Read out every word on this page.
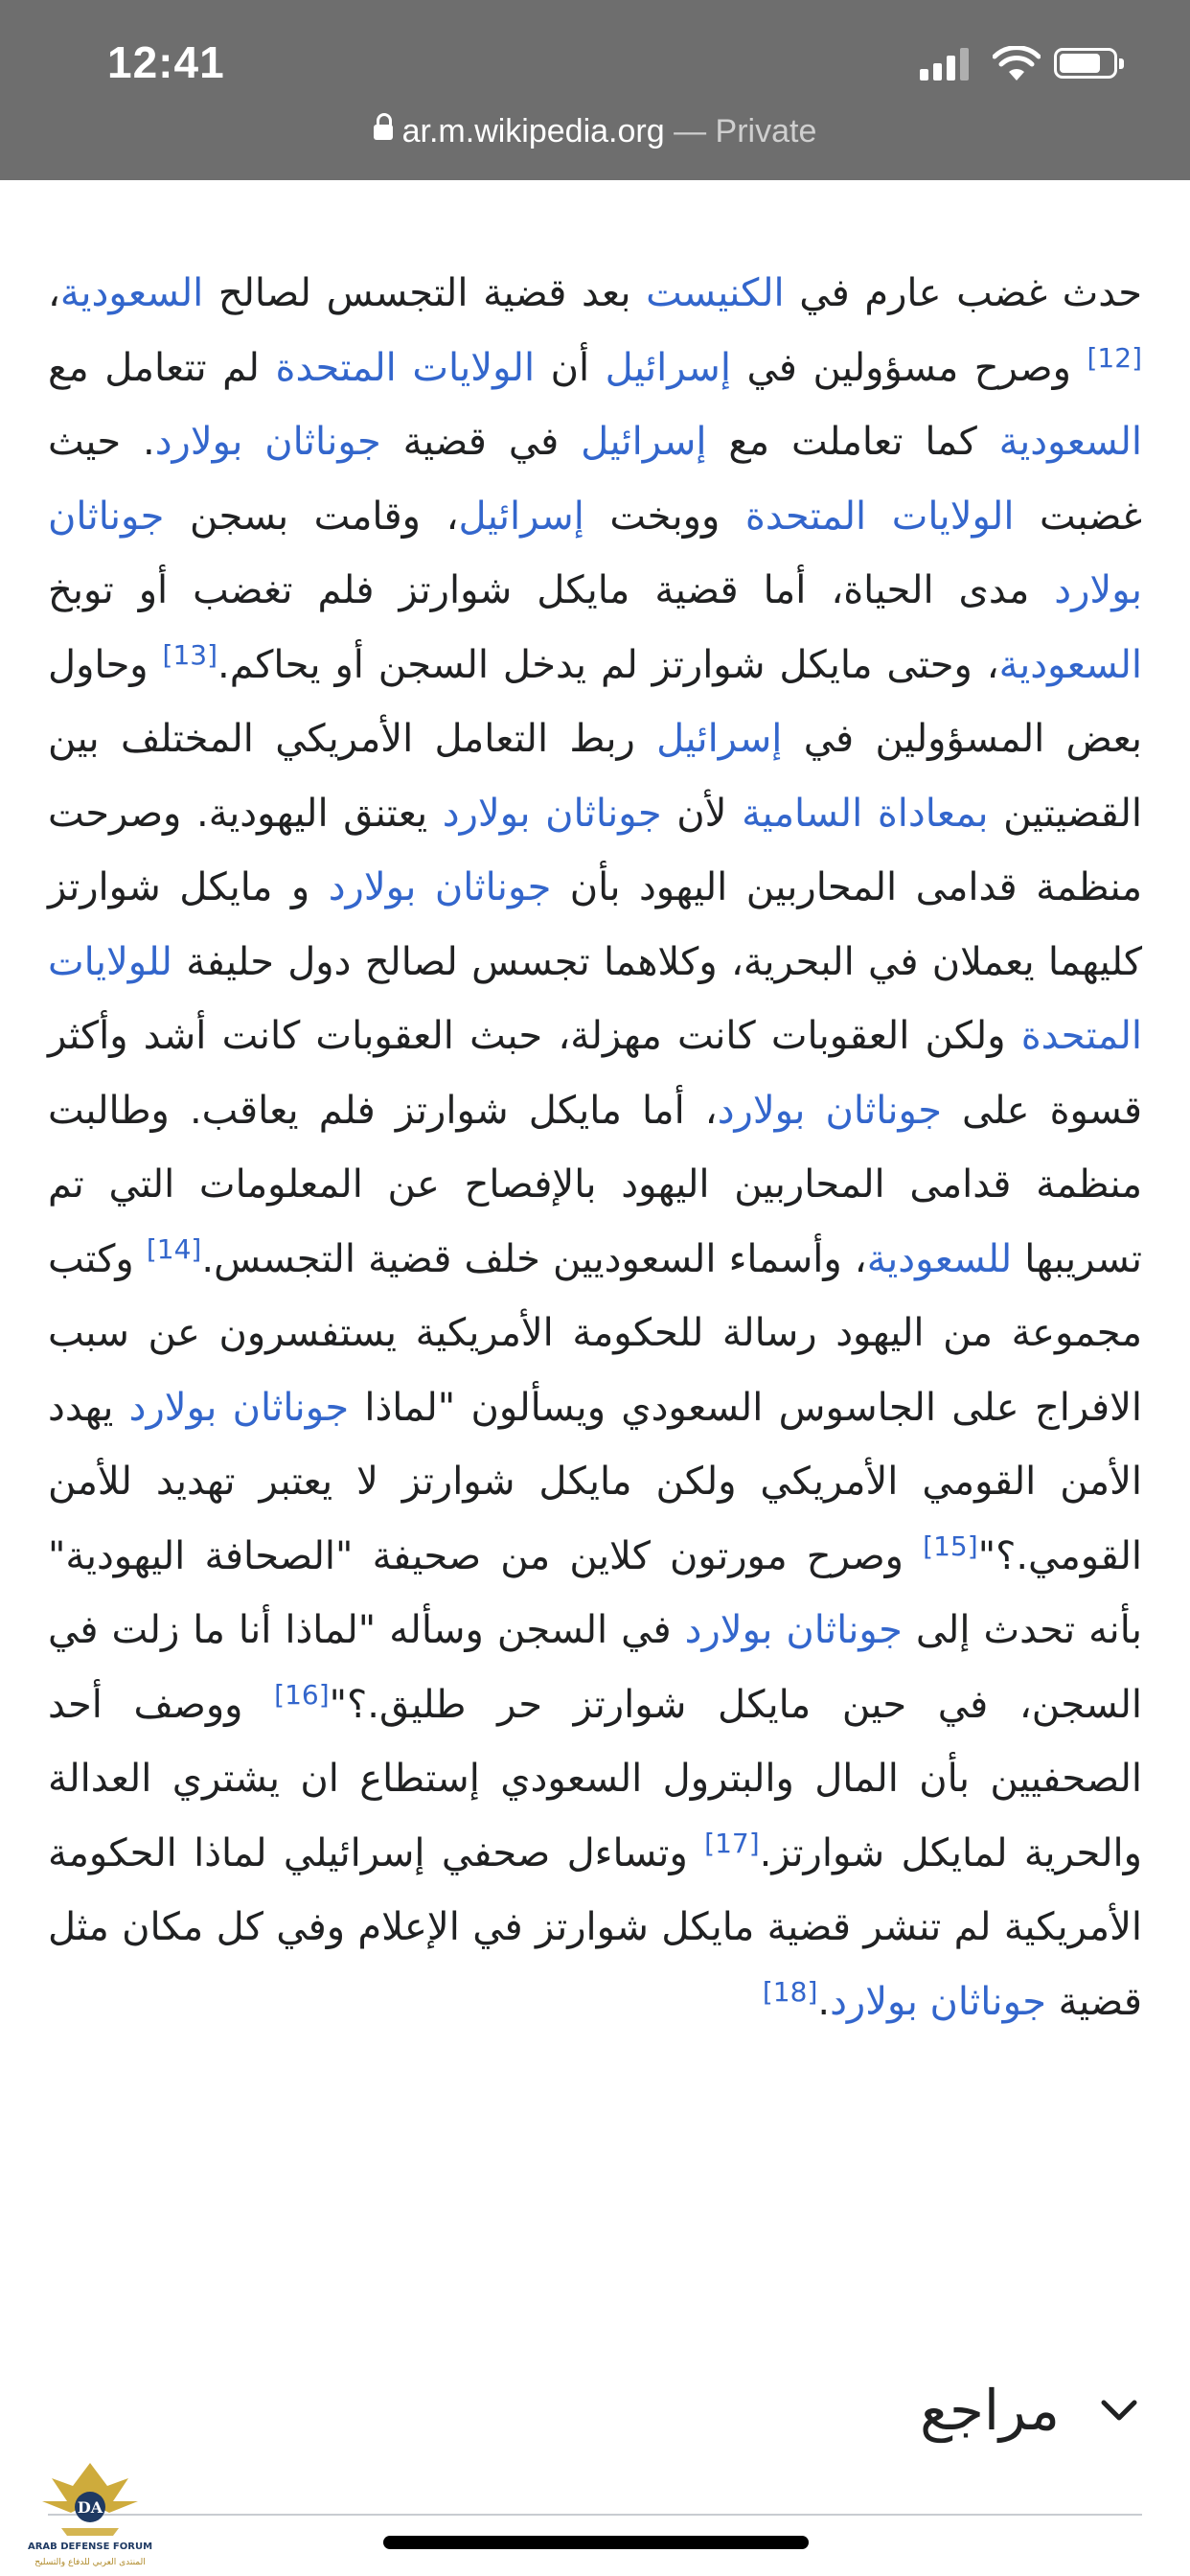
12:41
ar.m.wikipedia.org — Private
حدث غضب عارم في الكنيست بعد قضية التجسس لصالح السعودية،[12] وصرح مسؤولين في إسرائيل أن الولايات المتحدة لم تتعامل مع السعودية كما تعاملت مع إسرائيل في قضية جوناثان بولارد. حيث غضبت الولايات المتحدة ووبخت إسرائيل، وقامت بسجن جوناثان بولارد مدى الحياة، أما قضية مايكل شوارتز فلم تغضب أو توبخ السعودية، وحتى مايكل شوارتز لم يدخل السجن أو يحاكم.[13] وحاول بعض المسؤولين في إسرائيل ربط التعامل الأمريكي المختلف بين القضيتين بمعاداة السامية لأن جوناثان بولارد يعتنق اليهودية. وصرحت منظمة قدامى المحاربين اليهود بأن جوناثان بولارد و مايكل شوارتز كليهما يعملان في البحرية، وكلاهما تجسس لصالح دول حليفة للولايات المتحدة ولكن العقوبات كانت مهزلة، حبث العقوبات كانت أشد وأكثر قسوة على جوناثان بولارد، أما مايكل شوارتز فلم يعاقب. وطالبت منظمة قدامى المحاربين اليهود بالإفصاح عن المعلومات التي تم تسريبها للسعودية، وأسماء السعوديين خلف قضية التجسس.[14] وكتب مجموعة من اليهود رسالة للحكومة الأمريكية يستفسرون عن سبب الافراج على الجاسوس السعودي ويسألون "لماذا جوناثان بولارد يهدد الأمن القومي الأمريكي ولكن مايكل شوارتز لا يعتبر تهديد للأمن القومي.؟"[15] وصرح مورتون كلاين من صحيفة "الصحافة اليهودية" بأنه تحدث إلى جوناثان بولارد في السجن وسأله "لماذا أنا ما زلت في السجن، في حين مايكل شوارتز حر طليق.؟"[16] ووصف أحد الصحفيين بأن المال والبترول السعودي إستطاع ان يشتري العدالة والحرية لمايكل شوارتز.[17] وتساءل صحفي إسرائيلي لماذا الحكومة الأمريكية لم تنشر قضية مايكل شوارتز في الإعلام وفي كل مكان مثل قضية جوناثان بولارد.[18]
مراجع
DA
ARAB DEFENSE FORUM
المنتدى العربي للدفاع والتسليح
